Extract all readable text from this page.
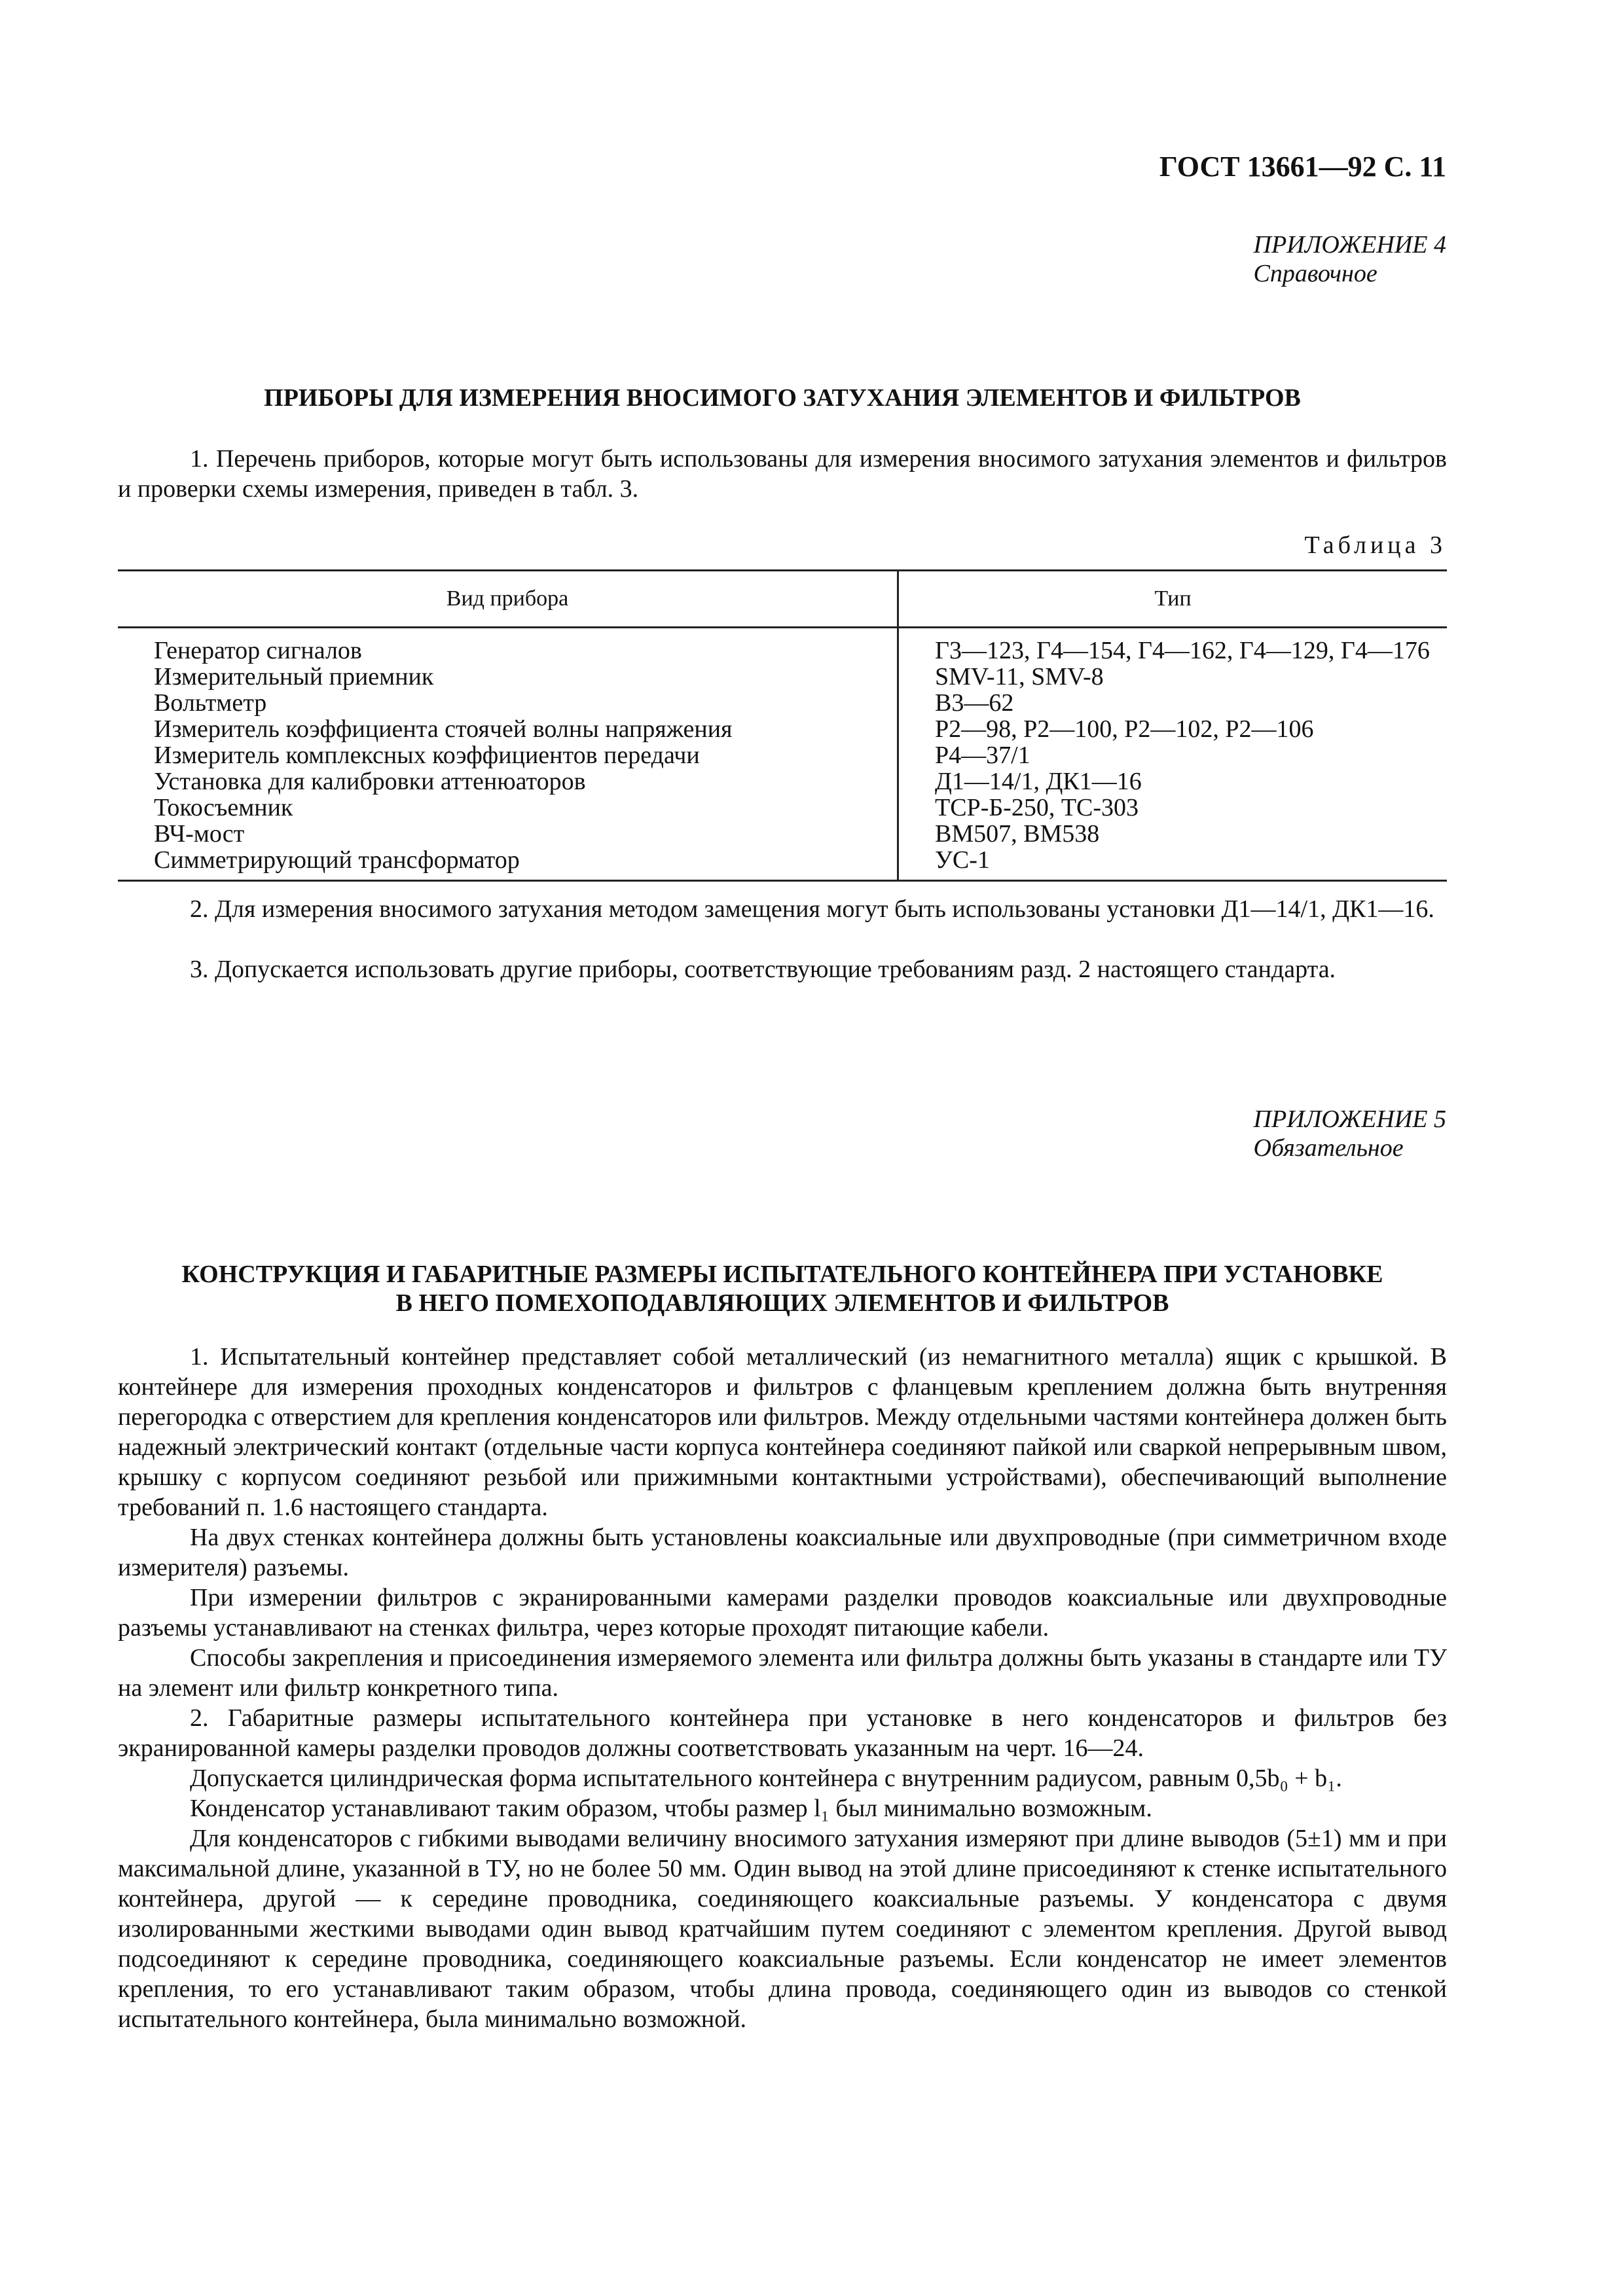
ГОСТ 13661—92 С. 11
ПРИЛОЖЕНИЕ 4
Справочное
ПРИБОРЫ ДЛЯ ИЗМЕРЕНИЯ ВНОСИМОГО ЗАТУХАНИЯ ЭЛЕМЕНТОВ И ФИЛЬТРОВ
1. Перечень приборов, которые могут быть использованы для измерения вносимого затухания элементов и фильтров и проверки схемы измерения, приведен в табл. 3.
Таблица 3
Вид прибора	Тип
Генератор сигналов	Г3—123, Г4—154, Г4—162, Г4—129, Г4—176
Измерительный приемник	SMV-11, SMV-8
Вольтметр	В3—62
Измеритель коэффициента стоячей волны напряжения	Р2—98, Р2—100, Р2—102, Р2—106
Измеритель комплексных коэффициентов передачи	Р4—37/1
Установка для калибровки аттенюаторов	Д1—14/1, ДК1—16
Токосъемник	ТСР-Б-250, ТС-303
ВЧ-мост	ВМ507, ВМ538
Симметрирующий трансформатор	УС-1
2. Для измерения вносимого затухания методом замещения могут быть использованы установки Д1—14/1, ДК1—16.
3. Допускается использовать другие приборы, соответствующие требованиям разд. 2 настоящего стандарта.
ПРИЛОЖЕНИЕ 5
Обязательное
КОНСТРУКЦИЯ И ГАБАРИТНЫЕ РАЗМЕРЫ ИСПЫТАТЕЛЬНОГО КОНТЕЙНЕРА ПРИ УСТАНОВКЕ
В НЕГО ПОМЕХОПОДАВЛЯЮЩИХ ЭЛЕМЕНТОВ И ФИЛЬТРОВ
1. Испытательный контейнер представляет собой металлический (из немагнитного металла) ящик с крышкой. В контейнере для измерения проходных конденсаторов и фильтров с фланцевым креплением должна быть внутренняя перегородка с отверстием для крепления конденсаторов или фильтров. Между отдельными частями контейнера должен быть надежный электрический контакт (отдельные части корпуса контейнера соединяют пайкой или сваркой непрерывным швом, крышку с корпусом соединяют резьбой или прижимными контактными устройствами), обеспечивающий выполнение требований п. 1.6 настоящего стандарта.
На двух стенках контейнера должны быть установлены коаксиальные или двухпроводные (при симметричном входе измерителя) разъемы.
При измерении фильтров с экранированными камерами разделки проводов коаксиальные или двухпроводные разъемы устанавливают на стенках фильтра, через которые проходят питающие кабели.
Способы закрепления и присоединения измеряемого элемента или фильтра должны быть указаны в стандарте или ТУ на элемент или фильтр конкретного типа.
2. Габаритные размеры испытательного контейнера при установке в него конденсаторов и фильтров без экранированной камеры разделки проводов должны соответствовать указанным на черт. 16—24.
Допускается цилиндрическая форма испытательного контейнера с внутренним радиусом, равным 0,5b₀ + b₁.
Конденсатор устанавливают таким образом, чтобы размер l₁ был минимально возможным.
Для конденсаторов с гибкими выводами величину вносимого затухания измеряют при длине выводов (5±1) мм и при максимальной длине, указанной в ТУ, но не более 50 мм. Один вывод на этой длине присоединяют к стенке испытательного контейнера, другой — к середине проводника, соединяющего коаксиальные разъемы. У конденсатора с двумя изолированными жесткими выводами один вывод кратчайшим путем соединяют с элементом крепления. Другой вывод подсоединяют к середине проводника, соединяющего коаксиальные разъемы. Если конденсатор не имеет элементов крепления, то его устанавливают таким образом, чтобы длина провода, соединяющего один из выводов со стенкой испытательного контейнера, была минимально возможной.
